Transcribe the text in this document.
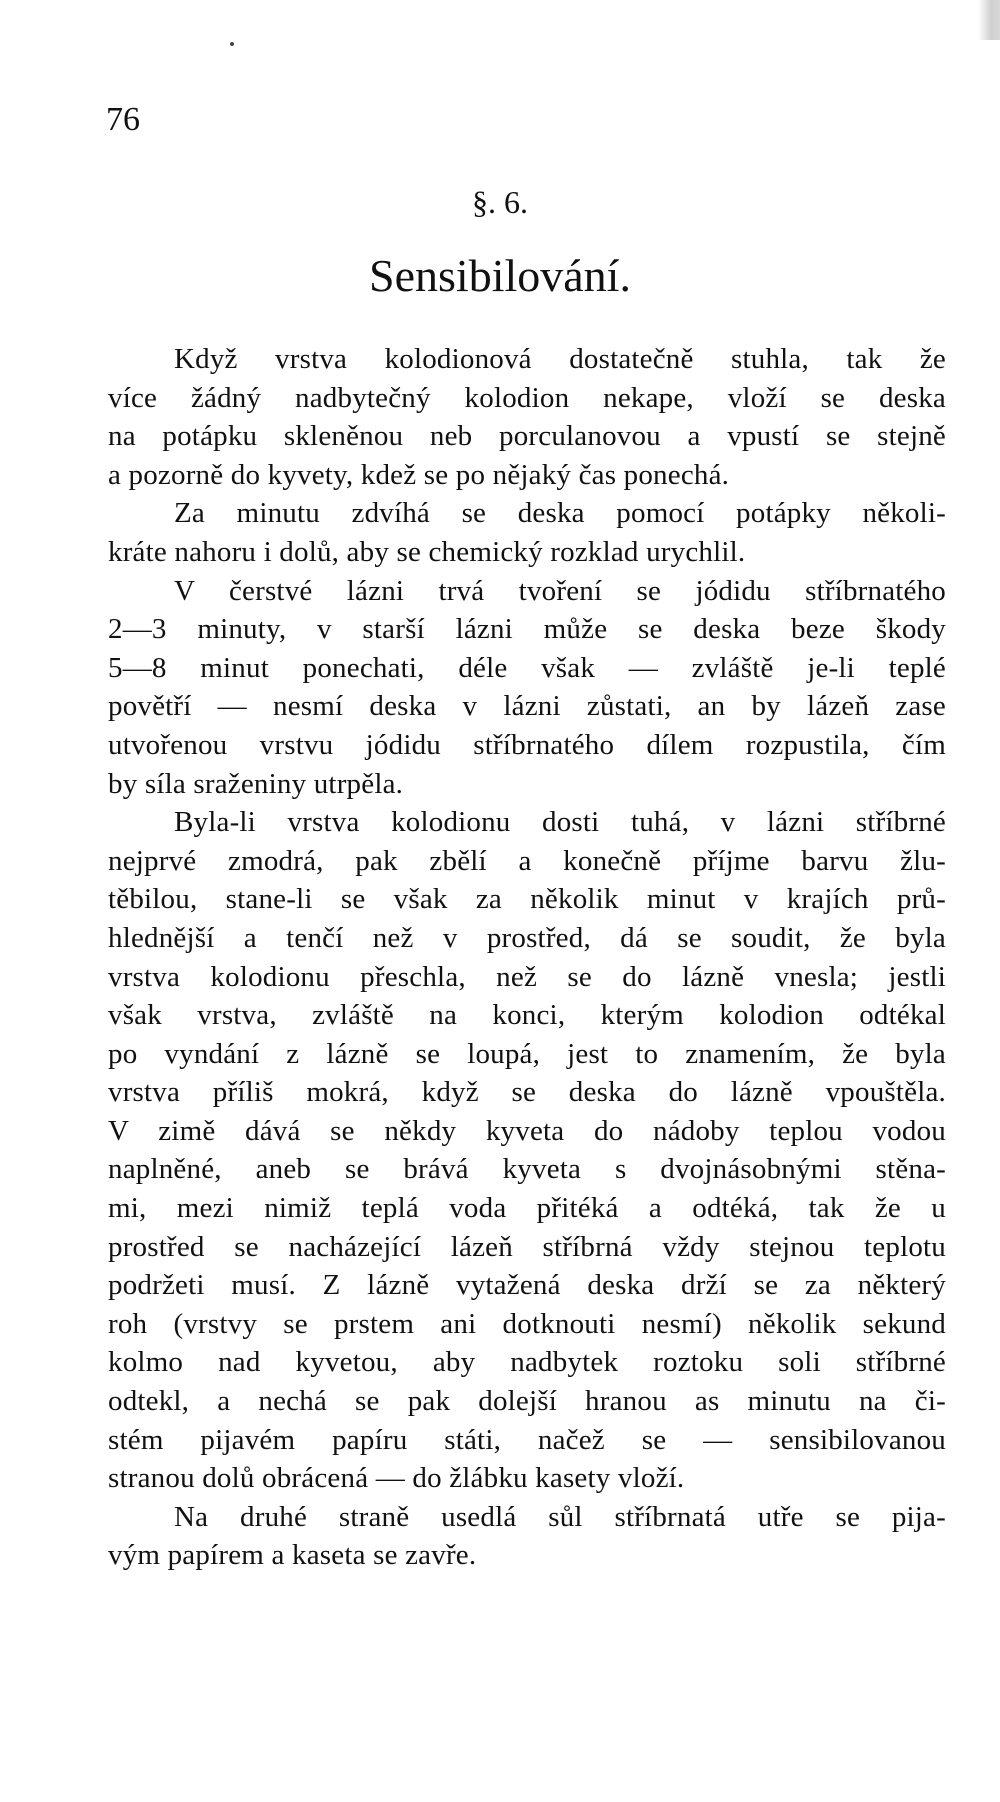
76
§. 6.
Sensibilování.
Když vrstva kolodionová dostatečně stuhla, tak že
více žádný nadbytečný kolodion nekape, vloží se deska
na potápku skleněnou neb porculanovou a vpustí se stejně
a pozorně do kyvety, kdež se po nějaký čas ponechá.
Za minutu zdvíhá se deska pomocí potápky několi-
kráte nahoru i dolů, aby se chemický rozklad urychlil.
V čerstvé lázni trvá tvoření se jódidu stříbrnatého
2—3 minuty, v starší lázni může se deska beze škody
5—8 minut ponechati, déle však — zvláště je-li teplé
povětří — nesmí deska v lázni zůstati, an by lázeň zase
utvořenou vrstvu jódidu stříbrnatého dílem rozpustila, čím
by síla sraženiny utrpěla.
Byla-li vrstva kolodionu dosti tuhá, v lázni stříbrné
nejprvé zmodrá, pak zbělí a konečně příjme barvu žlu-
těbilou, stane-li se však za několik minut v krajích prů-
hlednější a tenčí než v prostřed, dá se soudit, že byla
vrstva kolodionu přeschla, než se do lázně vnesla; jestli
však vrstva, zvláště na konci, kterým kolodion odtékal
po vyndání z lázně se loupá, jest to znamením, že byla
vrstva příliš mokrá, když se deska do lázně vpouštěla.
V zimě dává se někdy kyveta do nádoby teplou vodou
naplněné, aneb se brává kyveta s dvojnásobnými stěna-
mi, mezi nimiž teplá voda přitéká a odtéká, tak že u
prostřed se nacházející lázeň stříbrná vždy stejnou teplotu
podržeti musí. Z lázně vytažená deska drží se za některý
roh (vrstvy se prstem ani dotknouti nesmí) několik sekund
kolmo nad kyvetou, aby nadbytek roztoku soli stříbrné
odtekl, a nechá se pak dolejší hranou as minutu na či-
stém pijavém papíru státi, načež se — sensibilovanou
stranou dolů obrácená — do žlábku kasety vloží.
Na druhé straně usedlá sůl stříbrnatá utře se pija-
vým papírem a kaseta se zavře.
